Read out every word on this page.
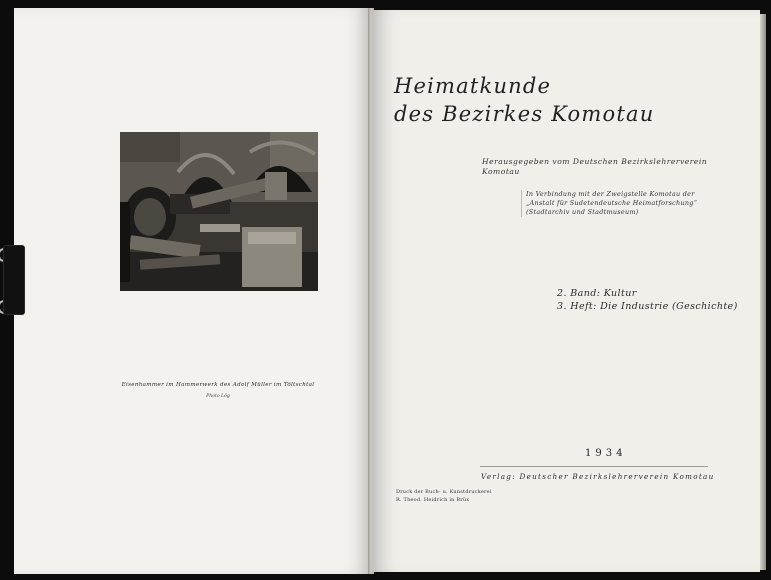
Eisenhammer im Hammerwerk des Adolf Müller im Töltschtal
Photo Lög
Heimatkunde
des Bezirkes Komotau
Herausgegeben vom Deutschen Bezirkslehrerverein
Komotau
In Verbindung mit der Zweigstelle Komotau der
„Anstalt für Sudetendeutsche Heimatforschung“
(Stadtarchiv und Stadtmuseum)
2. Band: Kultur
3. Heft: Die Industrie (Geschichte)
1934
Verlag: Deutscher Bezirkslehrerverein Komotau
Druck der Buch- u. Kunstdruckerei
R. Theod. Heidrich in Brüx
